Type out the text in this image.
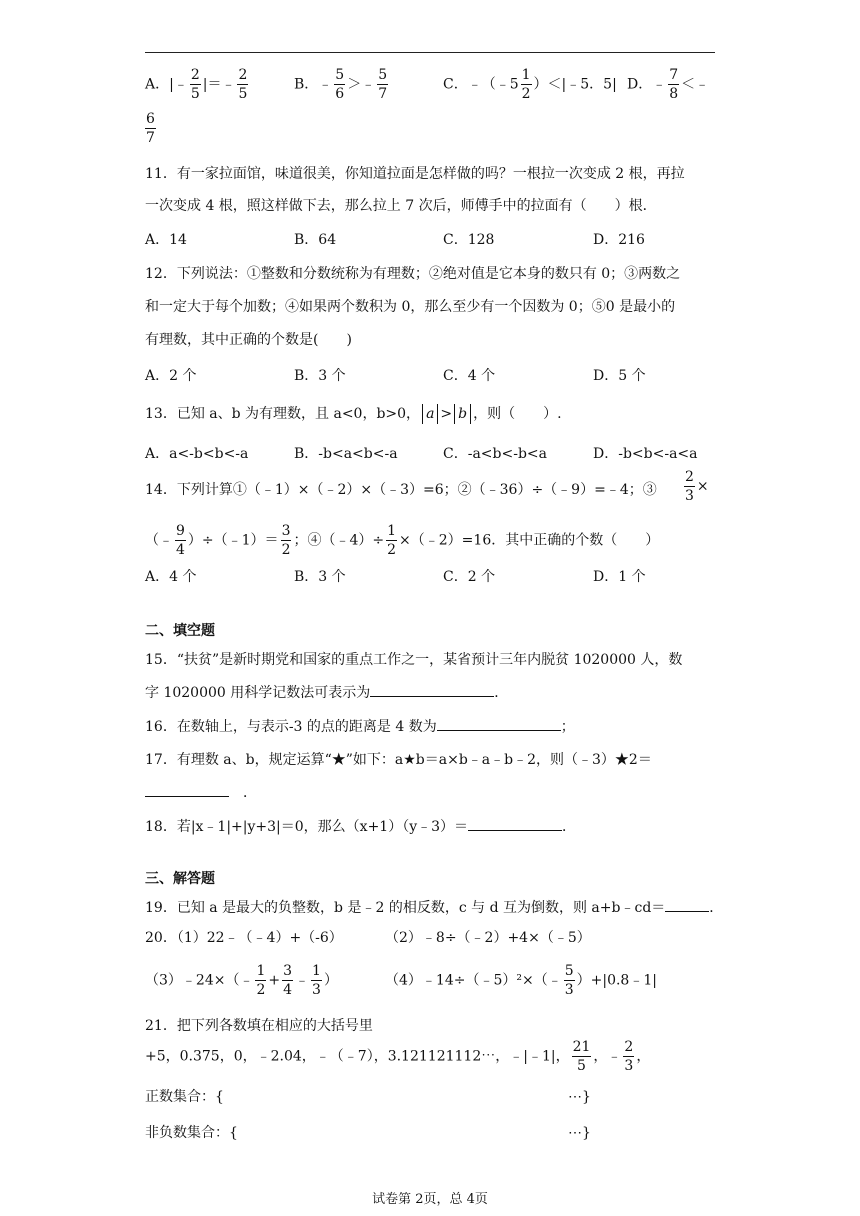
A．|﹣ $\frac{2}{5}$ |＝﹣ $\frac{2}{5}$	B．﹣ $\frac{5}{6}$ ＞﹣ $\frac{5}{7}$	C．﹣（﹣5 $\frac{1}{2}$ ）＜|﹣5．5| D．﹣ $\frac{7}{8}$ ＜﹣
$\frac{6}{7}$
11．有一家拉面馆，味道很美，你知道拉面是怎样做的吗？一根拉一次变成 2 根，再拉
一次变成 4 根，照这样做下去，那么拉上 7 次后，师傅手中的拉面有（　　）根．
A．14	B．64	C．128	D．216
12．下列说法：①整数和分数统称为有理数；②绝对值是它本身的数只有 0；③两数之
和一定大于每个加数；④如果两个数积为 0，那么至少有一个因数为 0；⑤0 是最小的
有理数，其中正确的个数是(　　)
A．2 个	B．3 个	C．4 个	D．5 个
13．已知 a、b 为有理数，且 a<0，b>0， a > b ，则（　　）.
A．a<-b<b<-a	B．-b<a<b<-a	C．-a<b<-b<a	D．-b<b<-a<a
14．下列计算①（﹣1）×（﹣2）×（﹣3）=6；②（﹣36）÷（﹣9）=﹣4；③ $\frac{2}{3}$ ×
（﹣ $\frac{9}{4}$ ）÷（﹣1）＝ $\frac{3}{2}$ ；④（﹣4）÷ $\frac{1}{2}$ ×（﹣2）=16．其中正确的个数（　　）
A．4 个	B．3 个	C．2 个	D．1 个
二、填空题
15．“扶贫”是新时期党和国家的重点工作之一，某省预计三年内脱贫 1020000 人，数
字 1020000 用科学记数法可表示为	．
16．在数轴上，与表示-3 的点的距离是 4 数为	；
17．有理数 a、b，规定运算“★”如下：a★b＝a×b﹣a﹣b﹣2，则（﹣3）★2＝
．
18．若|x﹣1|+|y+3|＝0，那么（x+1）（y﹣3）＝	．
三、解答题
19．已知 a 是最大的负整数，b 是﹣2 的相反数，c 与 d 互为倒数，则 a+b﹣cd＝	．
20．（1）22﹣（﹣4）+（-6）	（2）﹣8÷（﹣2）+4×（﹣5）
（3）﹣24×（﹣ $\frac{1}{2} + \frac{3}{4}$ ﹣ $\frac{1}{3}$ ）	（4）﹣14÷（﹣5）²×（﹣ $\frac{5}{3}$ ）+|0.8﹣1|
21．把下列各数填在相应的大括号里
+5，0.375，0，﹣2.04，﹣（﹣7），3.121121112⋯，﹣|﹣1|， $\frac{21}{5}$ ，﹣ $\frac{2}{3}$ ，
正数集合：{	⋯}
非负数集合：{	⋯}
试卷第 2页，总 4页
